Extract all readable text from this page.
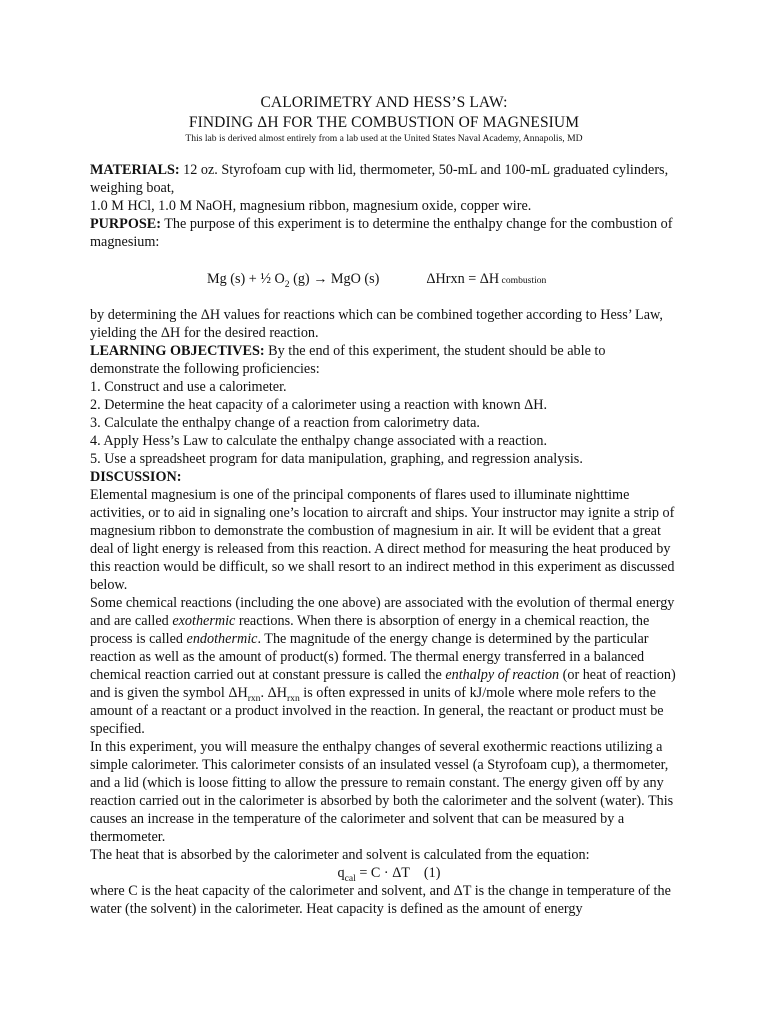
CALORIMETRY AND HESS’S LAW:
FINDING ΔH FOR THE COMBUSTION OF MAGNESIUM
This lab is derived almost entirely from a lab used at the United States Naval Academy, Annapolis, MD

MATERIALS: 12 oz. Styrofoam cup with lid, thermometer, 50-mL and 100-mL graduated cylinders, weighing boat,

1.0 M HCl, 1.0 M NaOH, magnesium ribbon, magnesium oxide, copper wire.

PURPOSE: The purpose of this experiment is to determine the enthalpy change for the combustion of magnesium:

Mg (s) + ½ $O_2$ (g) → MgO (s)	ΔHrxn = ΔH combustion

by determining the ΔH values for reactions which can be combined together according to Hess’ Law, yielding the ΔH for the desired reaction.

LEARNING OBJECTIVES: By the end of this experiment, the student should be able to demonstrate the following proficiencies:

1. Construct and use a calorimeter.

2. Determine the heat capacity of a calorimeter using a reaction with known ΔH.

3. Calculate the enthalpy change of a reaction from calorimetry data.

4. Apply Hess’s Law to calculate the enthalpy change associated with a reaction.

5. Use a spreadsheet program for data manipulation, graphing, and regression analysis.

DISCUSSION:

Elemental magnesium is one of the principal components of flares used to illuminate nighttime activities, or to aid in signaling one’s location to aircraft and ships. Your instructor may ignite a strip of magnesium ribbon to demonstrate the combustion of magnesium in air. It will be evident that a great deal of light energy is released from this reaction. A direct method for measuring the heat produced by this reaction would be difficult, so we shall resort to an indirect method in this experiment as discussed below.

Some chemical reactions (including the one above) are associated with the evolution of thermal energy and are called exothermic reactions. When there is absorption of energy in a chemical reaction, the process is called endothermic. The magnitude of the energy change is determined by the particular reaction as well as the amount of product(s) formed. The thermal energy transferred in a balanced chemical reaction carried out at constant pressure is called the enthalpy of reaction (or heat of reaction) and is given the symbol $\Delta H_{rxn}$. $\Delta H_{rxn}$ is often expressed in units of kJ/mole where mole refers to the amount of a reactant or a product involved in the reaction. In general, the reactant or product must be specified.

In this experiment, you will measure the enthalpy changes of several exothermic reactions utilizing a simple calorimeter. This calorimeter consists of an insulated vessel (a Styrofoam cup), a thermometer, and a lid (which is loose fitting to allow the pressure to remain constant. The energy given off by any reaction carried out in the calorimeter is absorbed by both the calorimeter and the solvent (water). This causes an increase in the temperature of the calorimeter and solvent that can be measured by a thermometer.

The heat that is absorbed by the calorimeter and solvent is calculated from the equation:

$q_{cal} = C \cdot \Delta T$    (1)

where C is the heat capacity of the calorimeter and solvent, and ΔT is the change in temperature of the water (the solvent) in the calorimeter. Heat capacity is defined as the amount of energy
